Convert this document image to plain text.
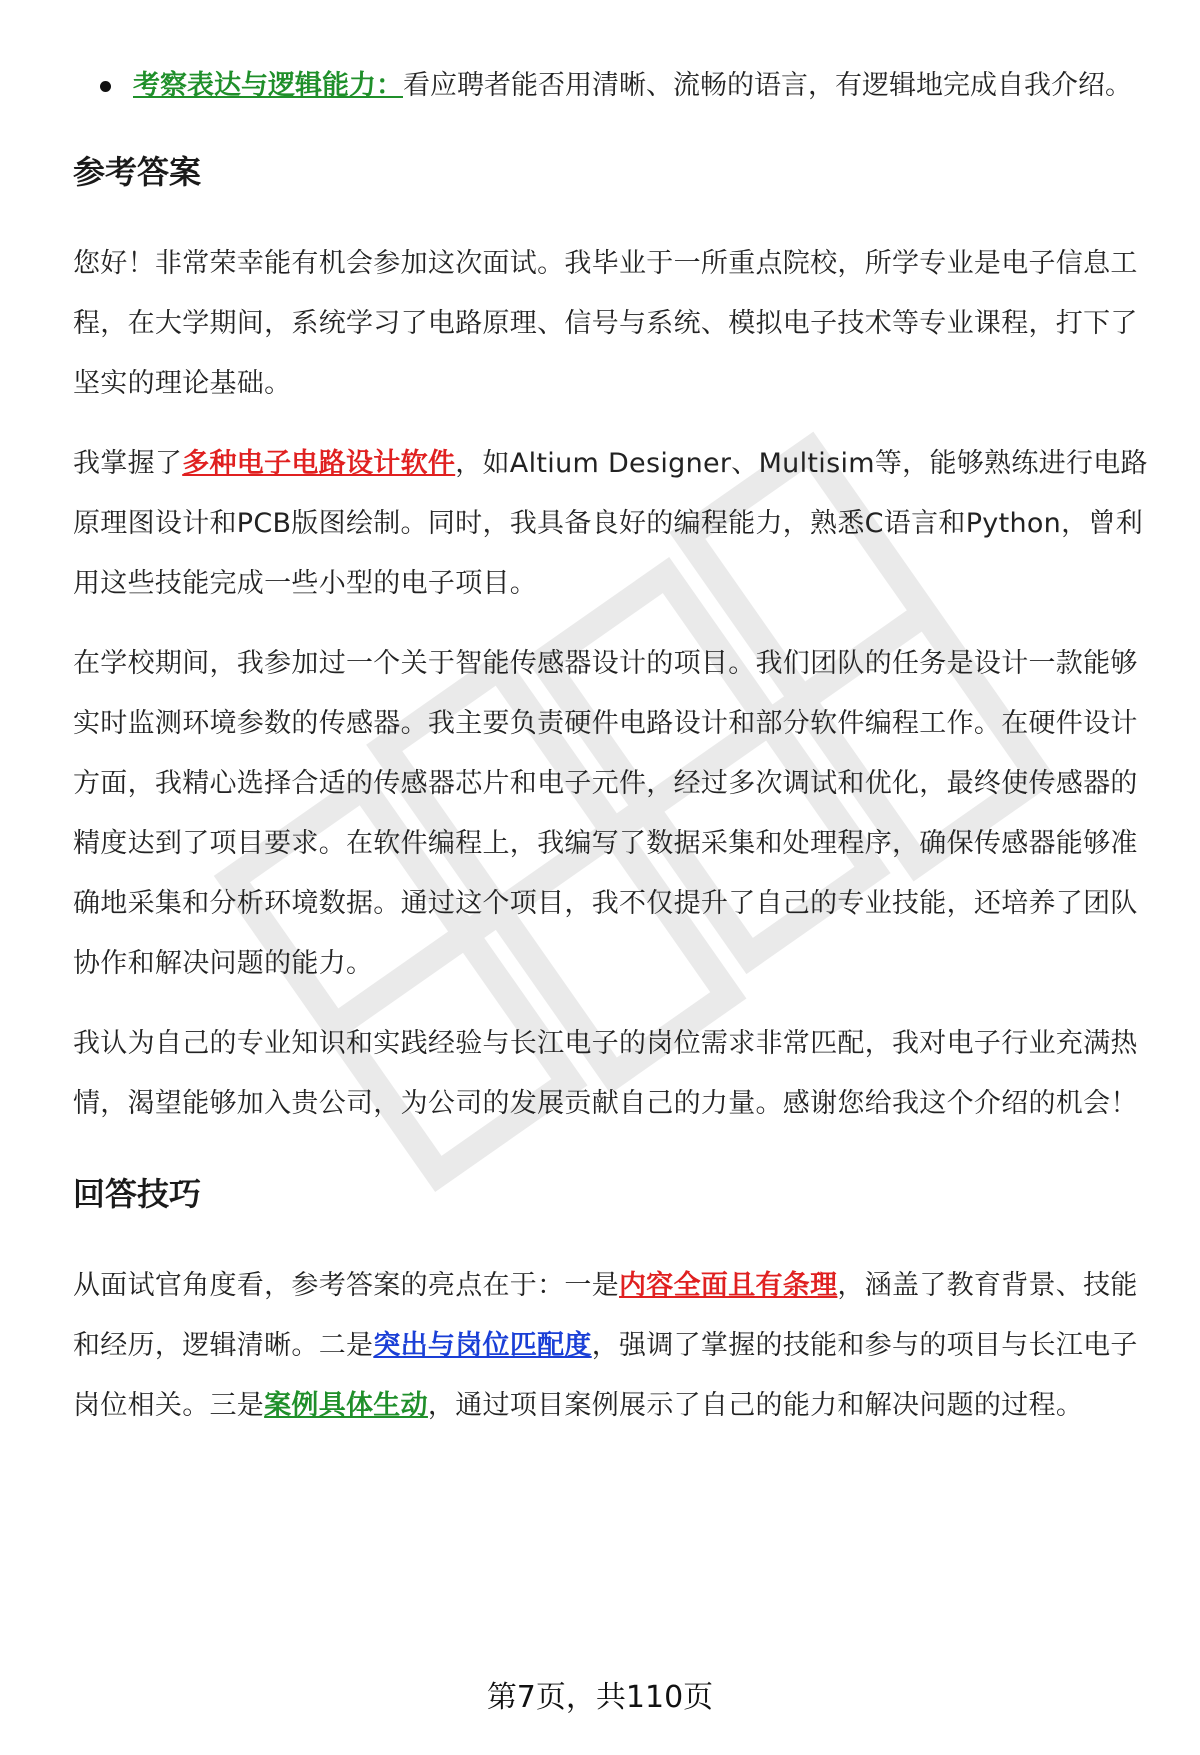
考察表达与逻辑能力：看应聘者能否用清晰、流畅的语言，有逻辑地完成自我介绍。
参考答案

您好！非常荣幸能有机会参加这次面试。我毕业于一所重点院校，所学专业是电子信息工程，在大学期间，系统学习了电路原理、信号与系统、模拟电子技术等专业课程，打下了坚实的理论基础。

我掌握了多种电子电路设计软件，如Altium Designer、Multisim等，能够熟练进行电路原理图设计和PCB版图绘制。同时，我具备良好的编程能力，熟悉C语言和Python，曾利用这些技能完成一些小型的电子项目。

在学校期间，我参加过一个关于智能传感器设计的项目。我们团队的任务是设计一款能够实时监测环境参数的传感器。我主要负责硬件电路设计和部分软件编程工作。在硬件设计方面，我精心选择合适的传感器芯片和电子元件，经过多次调试和优化，最终使传感器的精度达到了项目要求。在软件编程上，我编写了数据采集和处理程序，确保传感器能够准确地采集和分析环境数据。通过这个项目，我不仅提升了自己的专业技能，还培养了团队协作和解决问题的能力。

我认为自己的专业知识和实践经验与长江电子的岗位需求非常匹配，我对电子行业充满热情，渴望能够加入贵公司，为公司的发展贡献自己的力量。感谢您给我这个介绍的机会！

回答技巧

从面试官角度看，参考答案的亮点在于：一是内容全面且有条理，涵盖了教育背景、技能和经历，逻辑清晰。二是突出与岗位匹配度，强调了掌握的技能和参与的项目与长江电子岗位相关。三是案例具体生动，通过项目案例展示了自己的能力和解决问题的过程。

第7页，共110页
